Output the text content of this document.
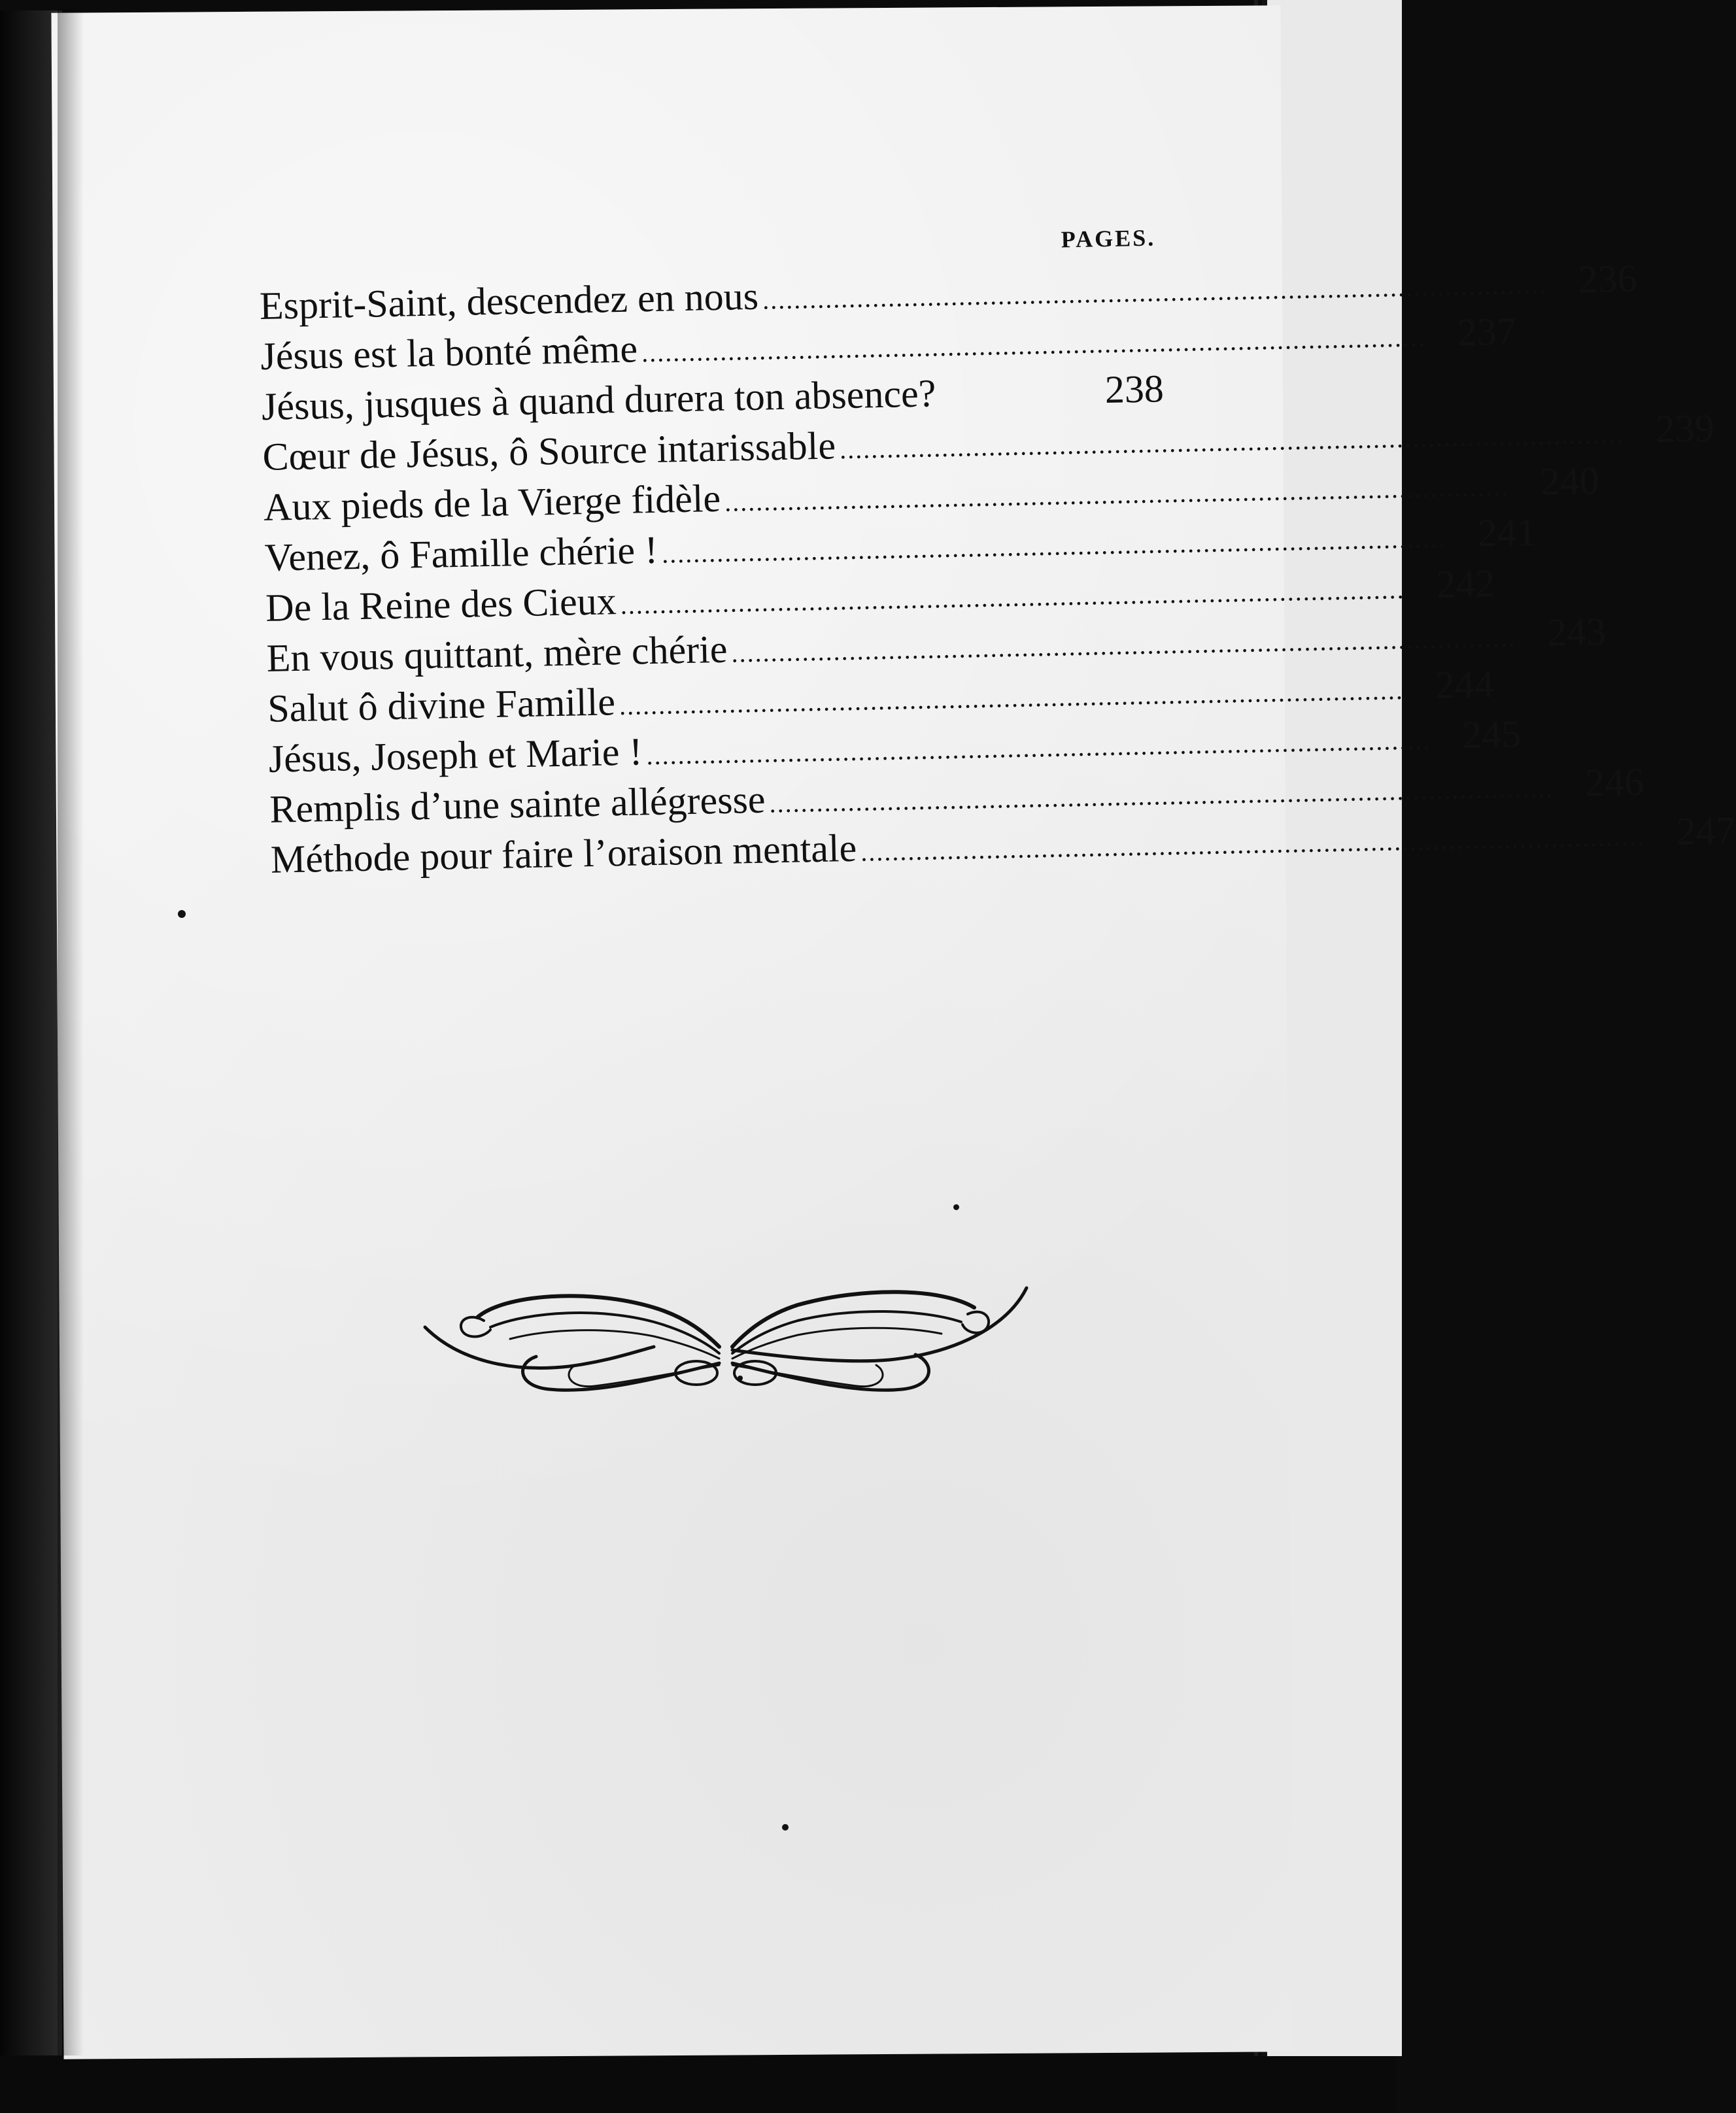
PAGES.
Esprit-Saint, descendez en nous .................................................................................................... 236
Jésus est la bonté même .................................................................................................... 237
Jésus, jusques à quand durera ton absence?	238
Cœur de Jésus, ô Source intarissable .................................................................................................... 239
Aux pieds de la Vierge fidèle .................................................................................................... 240
Venez, ô Famille chérie ! .................................................................................................... 241
De la Reine des Cieux .................................................................................................... 242
En vous quittant, mère chérie .................................................................................................... 243
Salut ô divine Famille .................................................................................................... 244
Jésus, Joseph et Marie ! .................................................................................................... 245
Remplis d’une sainte allégresse .................................................................................................... 246
Méthode pour faire l’oraison mentale .................................................................................................... 247
